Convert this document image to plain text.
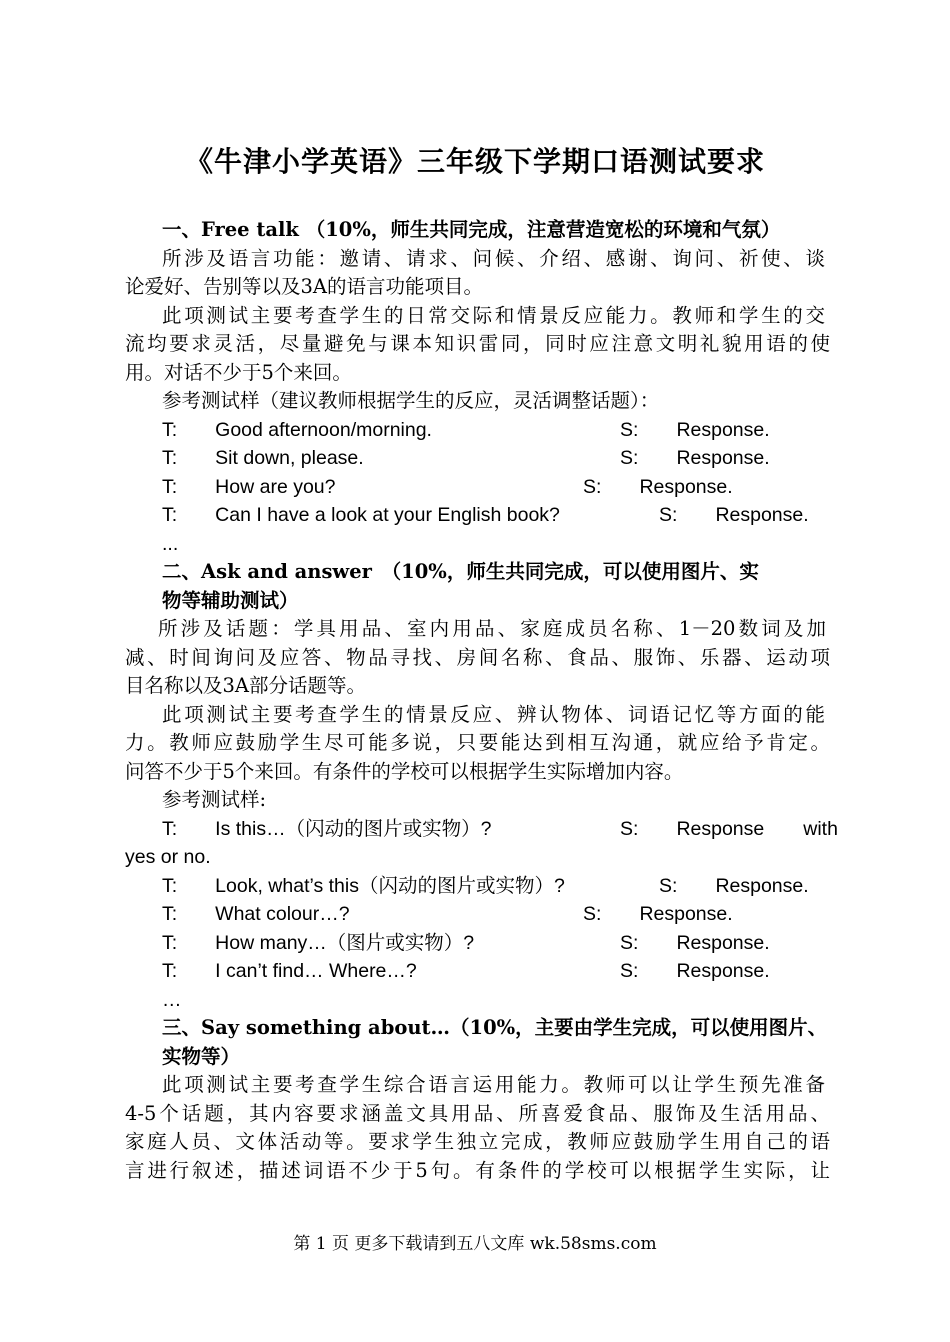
《牛津小学英语》三年级下学期口语测试要求
一、Free talk （10%，师生共同完成，注意营造宽松的环境和气氛）
所涉及语言功能：邀请、请求、问候、介绍、感谢、询问、祈使、谈
论爱好、告别等以及3A的语言功能项目。
此项测试主要考查学生的日常交际和情景反应能力。教师和学生的交
流均要求灵活，尽量避免与课本知识雷同，同时应注意文明礼貌用语的使
用。对话不少于5个来回。
参考测试样（建议教师根据学生的反应，灵活调整话题）：
T: Good afternoon/morning.	S: Response.
T: Sit down, please.	S: Response.
T: How are you?	S: Response.
T: Can I have a look at your English book?	S: Response.
...
二、Ask and answer　（10%，师生共同完成，可以使用图片、实
物等辅助测试）
所涉及话题：学具用品、室内用品、家庭成员名称、1－20数词及加
减、时间询问及应答、物品寻找、房间名称、食品、服饰、乐器、运动项
目名称以及3A部分话题等。
此项测试主要考查学生的情景反应、辨认物体、词语记忆等方面的能
力。教师应鼓励学生尽可能多说，只要能达到相互沟通，就应给予肯定。
问答不少于5个来回。有条件的学校可以根据学生实际增加内容。
参考测试样:
T: Is this…（闪动的图片或实物）?	S: Response　　with
yes or no.
T: Look, what’s this（闪动的图片或实物）?	S: Response.
T: What colour…?	S: Response.
T: How many…（图片或实物）?	S: Response.
T: I can’t find… Where…?	S: Response.
…
三、Say something about…（10%，主要由学生完成，可以使用图片、
实物等）
此项测试主要考查学生综合语言运用能力。教师可以让学生预先准备
4-5个话题，其内容要求涵盖文具用品、所喜爱食品、服饰及生活用品、
家庭人员、文体活动等。要求学生独立完成，教师应鼓励学生用自己的语
言进行叙述，描述词语不少于5句。有条件的学校可以根据学生实际，让
第 1 页 更多下载请到五八文库 wk.58sms.com
